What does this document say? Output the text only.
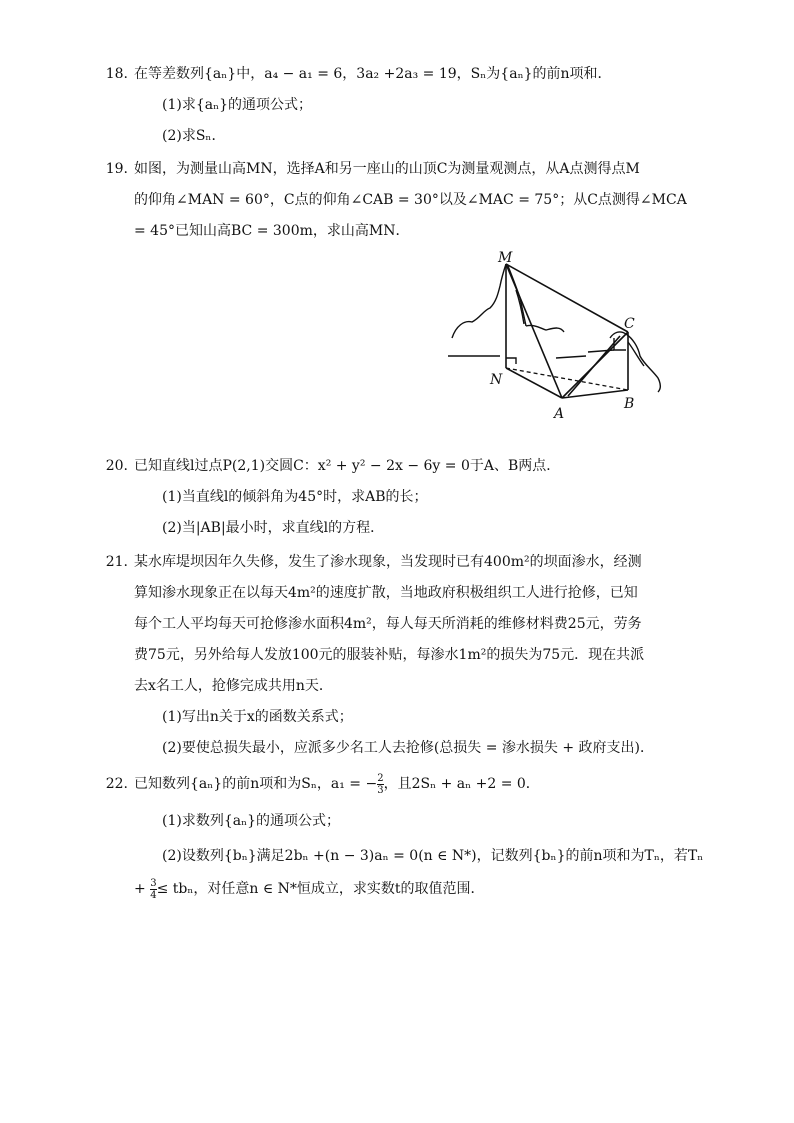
18. 在等差数列{aₙ}中，a₄ − a₁ = 6，3a₂ +2a₃ = 19，Sₙ为{aₙ}的前n项和．
(1)求{aₙ}的通项公式；
(2)求Sₙ．
19. 如图，为测量山高MN，选择A和另一座山的山顶C为测量观测点，从A点测得点M
的仰角∠MAN = 60°，C点的仰角∠CAB = 30°以及∠MAC = 75°；从C点测得∠MCA
= 45°已知山高BC = 300m，求山高MN．
M
C
N
A
B
20. 已知直线l过点P(2,1)交圆C：x² + y² − 2x − 6y = 0于A、B两点．
(1)当直线l的倾斜角为45°时，求AB的长；
(2)当|AB|最小时，求直线l的方程．
21. 某水库堤坝因年久失修，发生了渗水现象，当发现时已有400m²的坝面渗水，经测
算知渗水现象正在以每天4m²的速度扩散，当地政府积极组织工人进行抢修，已知
每个工人平均每天可抢修渗水面积4m²，每人每天所消耗的维修材料费25元，劳务
费75元，另外给每人发放100元的服装补贴，每渗水1m²的损失为75元．现在共派
去x名工人，抢修完成共用n天．
(1)写出n关于x的函数关系式；
(2)要使总损失最小，应派多少名工人去抢修(总损失 = 渗水损失 + 政府支出)．
22. 已知数列{aₙ}的前n项和为Sₙ，a₁ = − $\frac{2}{3}$ ，且2Sₙ + aₙ +2 = 0．
(1)求数列{aₙ}的通项公式；
(2)设数列{bₙ}满足2bₙ +(n − 3)aₙ = 0(n ∈ N*)，记数列{bₙ}的前n项和为Tₙ，若Tₙ
+ $\frac{3}{4} \le tb_n$，对任意n ∈ N*恒成立，求实数t的取值范围．
